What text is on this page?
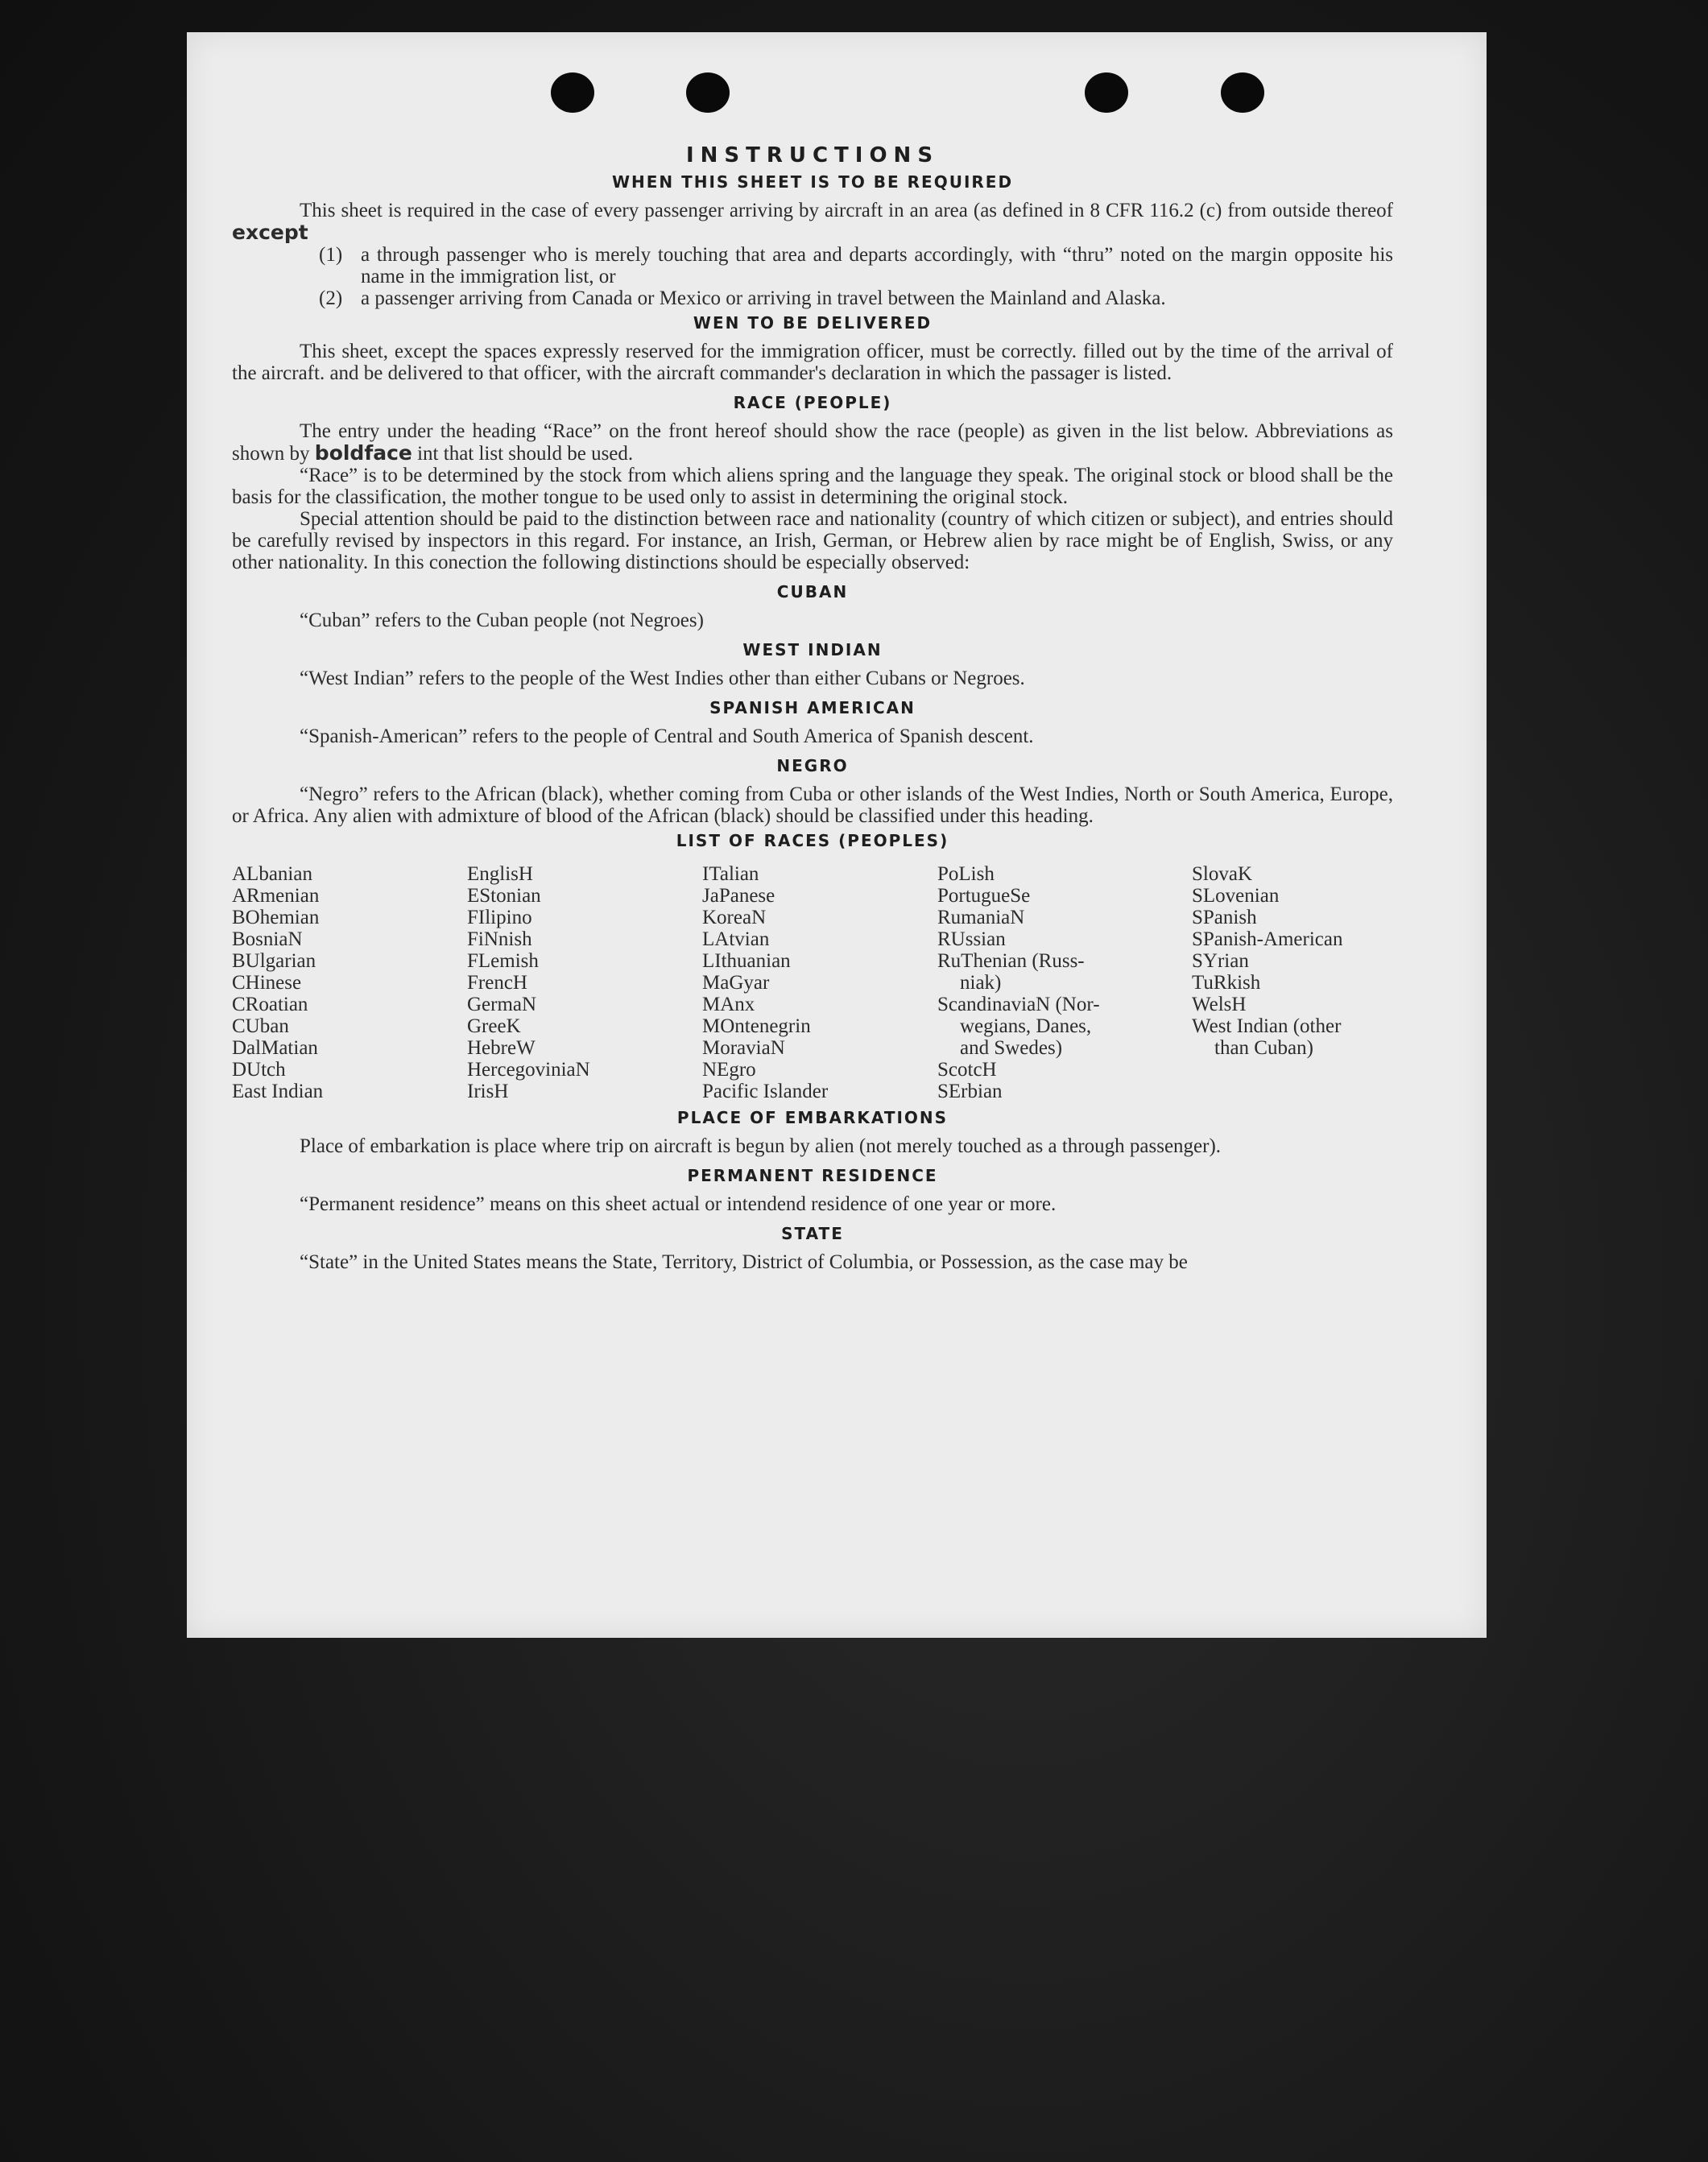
INSTRUCTIONS
WHEN THIS SHEET IS TO BE REQUIRED

This sheet is required in the case of every passenger arriving by aircraft in an area (as defined in 8 CFR 116.2 (c) from outside thereof except

(1) a through passenger who is merely touching that area and departs accordingly, with “thru” noted on the margin opposite his name in the immigration list, or
(2) a passenger arriving from Canada or Mexico or arriving in travel between the Mainland and Alaska.
WEN TO BE DELIVERED

This sheet, except the spaces expressly reserved for the immigration officer, must be correctly. filled out by the time of the arrival of the aircraft. and be delivered to that officer, with the aircraft commander's declaration in which the passager is listed.

RACE (PEOPLE)

The entry under the heading “Race” on the front hereof should show the race (people) as given in the list below. Abbreviations as shown by boldface int that list should be used.

“Race” is to be determined by the stock from which aliens spring and the language they speak. The original stock or blood shall be the basis for the classification, the mother tongue to be used only to assist in determining the original stock.

Special attention should be paid to the distinction between race and nationality (country of which citizen or subject), and entries should be carefully revised by inspectors in this regard. For instance, an Irish, German, or Hebrew alien by race might be of English, Swiss, or any other nationality. In this conection the following distinctions should be especially observed:

CUBAN

“Cuban” refers to the Cuban people (not Negroes)

WEST INDIAN

“West Indian” refers to the people of the West Indies other than either Cubans or Negroes.

SPANISH AMERICAN

“Spanish-American” refers to the people of Central and South America of Spanish descent.

NEGRO

“Negro” refers to the African (black), whether coming from Cuba or other islands of the West Indies, North or South America, Europe, or Africa. Any alien with admixture of blood of the African (black) should be classified under this heading.

LIST OF RACES (PEOPLES)
ALbanian
ARmenian
BOhemian
BosniaN
BUlgarian
CHinese
CRoatian
CUban
DalMatian
DUtch
East Indian
EnglisH
EStonian
FIlipino
FiNnish
FLemish
FrencH
GermaN
GreeK
HebreW
HercegoviniaN
IrisH
ITalian
JaPanese
KoreaN
LAtvian
LIthuanian
MaGyar
MAnx
MOntenegrin
MoraviaN
NEgro
Pacific Islander
PoLish
PortugueSe
RumaniaN
RUssian
RuThenian (Russ-
niak)
ScandinaviaN (Nor-
wegians, Danes,
and Swedes)
ScotcH
SErbian
SlovaK
SLovenian
SPanish
SPanish-American
SYrian
TuRkish
WelsH
West Indian (other
than Cuban)
PLACE OF EMBARKATIONS

Place of embarkation is place where trip on aircraft is begun by alien (not merely touched as a through passenger).

PERMANENT RESIDENCE

“Permanent residence” means on this sheet actual or intendend residence of one year or more.

STATE

“State” in the United States means the State, Territory, District of Columbia, or Possession, as the case may be
